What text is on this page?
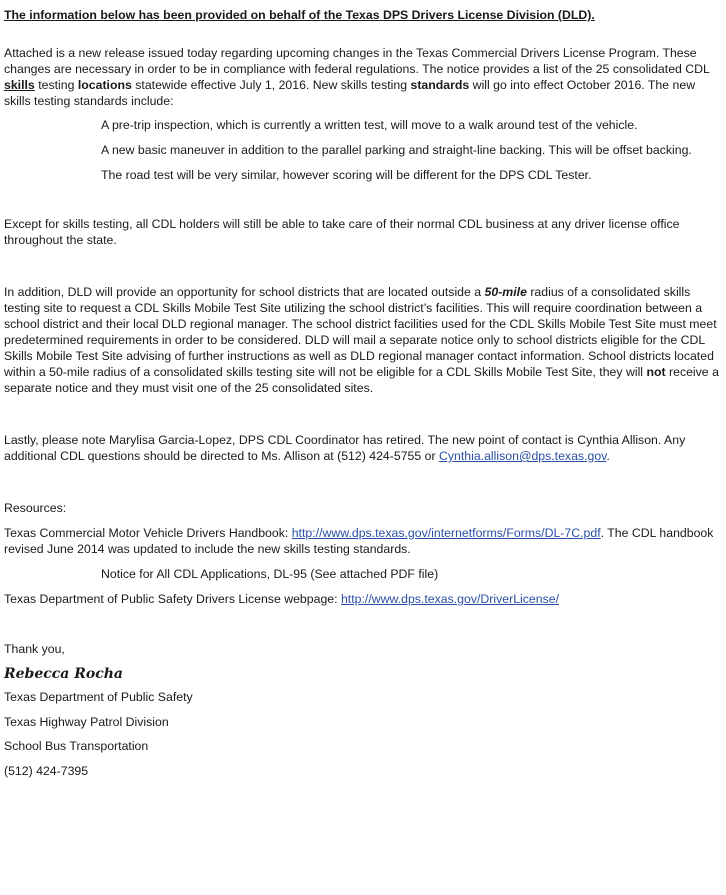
The information below has been provided on behalf of the Texas DPS Drivers License Division (DLD).

Attached is a new release issued today regarding upcoming changes in the Texas Commercial Drivers License Program. These changes are necessary in order to be in compliance with federal regulations. The notice provides a list of the 25 consolidated CDL skills testing locations statewide effective July 1, 2016. New skills testing standards will go into effect October 2016. The new skills testing standards include:

A pre-trip inspection, which is currently a written test, will move to a walk around test of the vehicle.

A new basic maneuver in addition to the parallel parking and straight-line backing. This will be offset backing.

The road test will be very similar, however scoring will be different for the DPS CDL Tester.

Except for skills testing, all CDL holders will still be able to take care of their normal CDL business at any driver license office throughout the state.

In addition, DLD will provide an opportunity for school districts that are located outside a 50-mile radius of a consolidated skills testing site to request a CDL Skills Mobile Test Site utilizing the school district’s facilities. This will require coordination between a school district and their local DLD regional manager. The school district facilities used for the CDL Skills Mobile Test Site must meet predetermined requirements in order to be considered. DLD will mail a separate notice only to school districts eligible for the CDL Skills Mobile Test Site advising of further instructions as well as DLD regional manager contact information. School districts located within a 50-mile radius of a consolidated skills testing site will not be eligible for a CDL Skills Mobile Test Site, they will not receive a separate notice and they must visit one of the 25 consolidated sites.

Lastly, please note Marylisa Garcia-Lopez, DPS CDL Coordinator has retired. The new point of contact is Cynthia Allison. Any additional CDL questions should be directed to Ms. Allison at (512) 424-5755 or Cynthia.allison@dps.texas.gov.

Resources:

Texas Commercial Motor Vehicle Drivers Handbook: http://www.dps.texas.gov/internetforms/Forms/DL-7C.pdf. The CDL handbook revised June 2014 was updated to include the new skills testing standards.

Notice for All CDL Applications, DL-95 (See attached PDF file)

Texas Department of Public Safety Drivers License webpage: http://www.dps.texas.gov/DriverLicense/

Thank you,

Rebecca Rocha

Texas Department of Public Safety

Texas Highway Patrol Division

School Bus Transportation

(512) 424-7395
